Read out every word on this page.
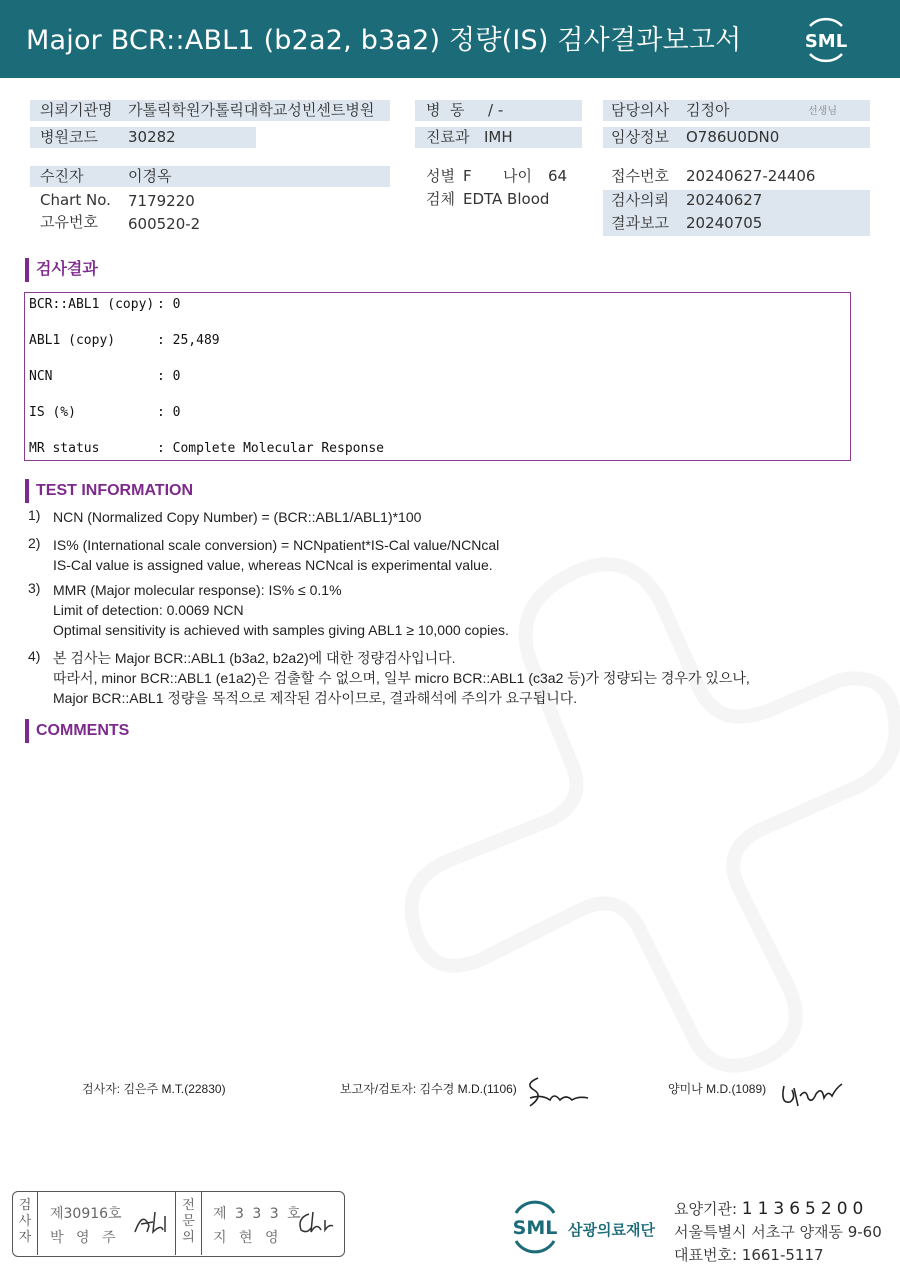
Major BCR::ABL1 (b2a2, b3a2) 정량(IS) 검사결과보고서	SML
의뢰기관명 가톨릭학원가톨릭대학교성빈센트병원
병원코드 30282
병  동 / -
진료과 IMH
담당의사 김정아	선생님
임상정보 O786U0DN0
수진자	이경옥
Chart No. 7179220
고유번호 600520-2
성별 F 나이 64
검체 EDTA Blood
접수번호 20240627-24406
검사의뢰 20240627
결과보고 20240705
검사결과
BCR::ABL1 (copy) : 0
ABL1 (copy)	: 25,489
NCN	: 0
IS (%)	: 0
MR status	: Complete Molecular Response
TEST INFORMATION
1) NCN (Normalized Copy Number) = (BCR::ABL1/ABL1)*100
2) IS% (International scale conversion) = NCNpatient*IS-Cal value/NCNcal
IS-Cal value is assigned value, whereas NCNcal is experimental value.
3) MMR (Major molecular response): IS% ≤ 0.1%
Limit of detection: 0.0069 NCN
Optimal sensitivity is achieved with samples giving ABL1 ≥ 10,000 copies.
4) 본 검사는 Major BCR::ABL1 (b3a2, b2a2)에 대한 정량검사입니다.
따라서, minor BCR::ABL1 (e1a2)은 검출할 수 없으며, 일부 micro BCR::ABL1 (c3a2 등)가 정량되는 경우가 있으나,
Major BCR::ABL1 정량을 목적으로 제작된 검사이므로, 결과해석에 주의가 요구됩니다.
COMMENTS
검사자: 김은주 M.T.(22830)	보고자/검토자: 김수경 M.D.(1106)	양미나 M.D.(1089)
검
사
자
제30916호
박 영 주
전
문
의
제 3 3 3 호
지 현 영	SML 삼광의료재단
요양기관: 11365200
서울특별시 서초구 양재동 9-60
대표번호: 1661-5117
